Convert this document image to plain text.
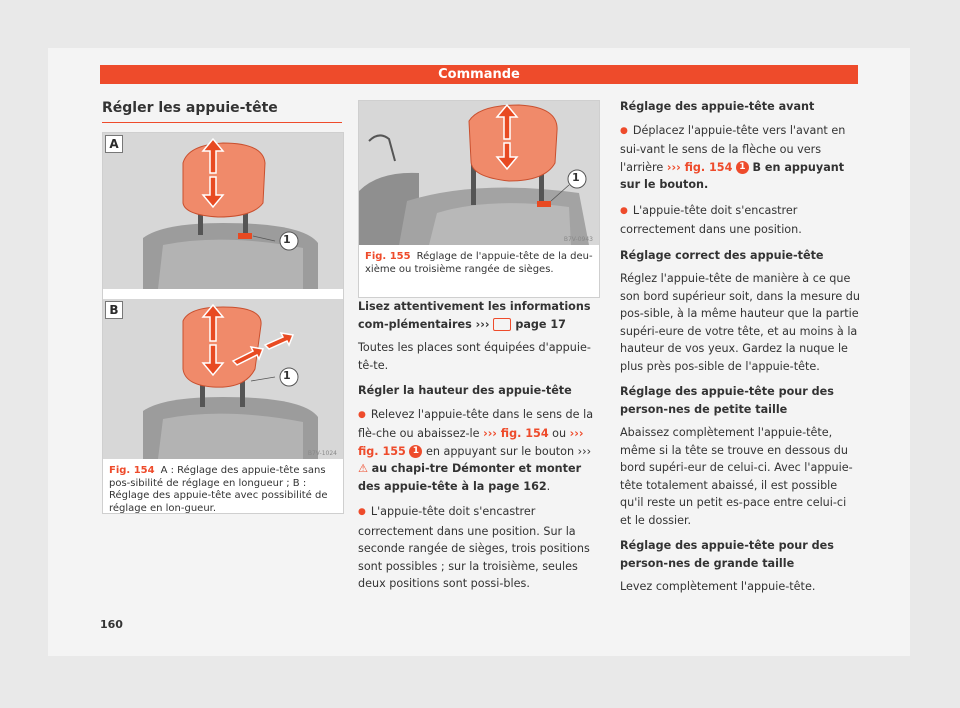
Commande
Régler les appuie-tête
A
1
B
1
B7V-1024
Fig. 154 A : Réglage des appuie-tête sans pos-sibilité de réglage en longueur ; B : Réglage des appuie-tête avec possibilité de réglage en lon-gueur.
1
B7V-0943
Fig. 155 Réglage de l'appuie-tête de la deu-xième ou troisième rangée de sièges.

Lisez attentivement les informations com-plémentaires ››› page 17

Toutes les places sont équipées d'appuie-tê-te.

Régler la hauteur des appuie-tête

● Relevez l'appuie-tête dans le sens de la flè-che ou abaissez-le ››› fig. 154 ou ››› fig. 155 1 en appuyant sur le bouton ››› ⚠ au chapi-tre Démonter et monter des appuie-tête à la page 162.

● L'appuie-tête doit s'encastrer correctement dans une position. Sur la seconde rangée de sièges, trois positions sont possibles ; sur la troisième, seules deux positions sont possi-bles.

Réglage des appuie-tête avant

● Déplacez l'appuie-tête vers l'avant en sui-vant le sens de la flèche ou vers l'arrière ››› fig. 154 1 B en appuyant sur le bouton.

● L'appuie-tête doit s'encastrer correctement dans une position.

Réglage correct des appuie-tête

Réglez l'appuie-tête de manière à ce que son bord supérieur soit, dans la mesure du pos-sible, à la même hauteur que la partie supéri-eure de votre tête, et au moins à la hauteur de vos yeux. Gardez la nuque le plus près pos-sible de l'appuie-tête.

Réglage des appuie-tête pour des person-nes de petite taille

Abaissez complètement l'appuie-tête, même si la tête se trouve en dessous du bord supéri-eur de celui-ci. Avec l'appuie-tête totalement abaissé, il est possible qu'il reste un petit es-pace entre celui-ci et le dossier.

Réglage des appuie-tête pour des person-nes de grande taille

Levez complètement l'appuie-tête.

160
